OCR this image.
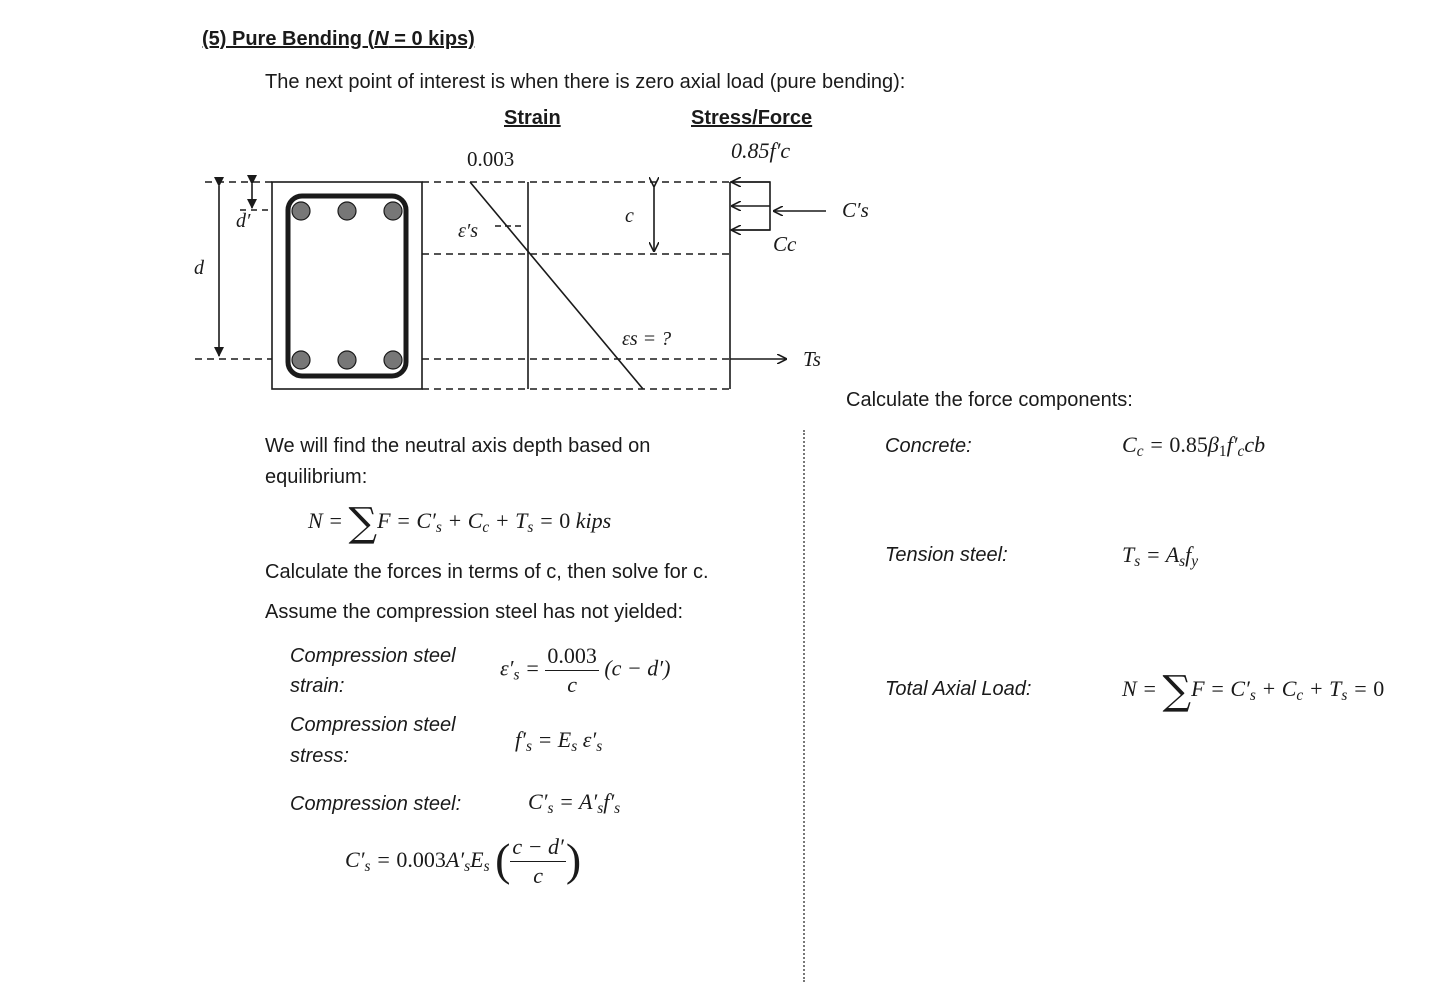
(5) Pure Bending (N = 0 kips)
The next point of interest is when there is zero axial load (pure bending):
Strain	Stress/Force
0.003	0.85f′c
d′
d
c
ε′s
εs = ?
C′s
Cc
Ts
We will find the neutral axis depth based on
equilibrium:
$N = \sum F = C'_s + C_c + T_s = 0$ kips
Calculate the forces in terms of c, then solve for c.
Assume the compression steel has not yielded:
Compression steel
strain:
$\varepsilon'_s = \frac{0.003}{c} (c - d')$
Compression steel
stress:
$f'_s = E_s$ $\varepsilon'_s$
Compression steel:	$C'_s = A'_sf'_s$
$C'_s = 0.003A'_sE_s$ ( $\frac{c - d'}{c}$ )
Calculate the force components:
Concrete:	$C_c = 0.85\beta_1f'_ccb$
Tension steel:	$T_s = A_sf_y$
Total Axial Load:	$N = \sum F = C'_s + C_c + T_s = 0$
